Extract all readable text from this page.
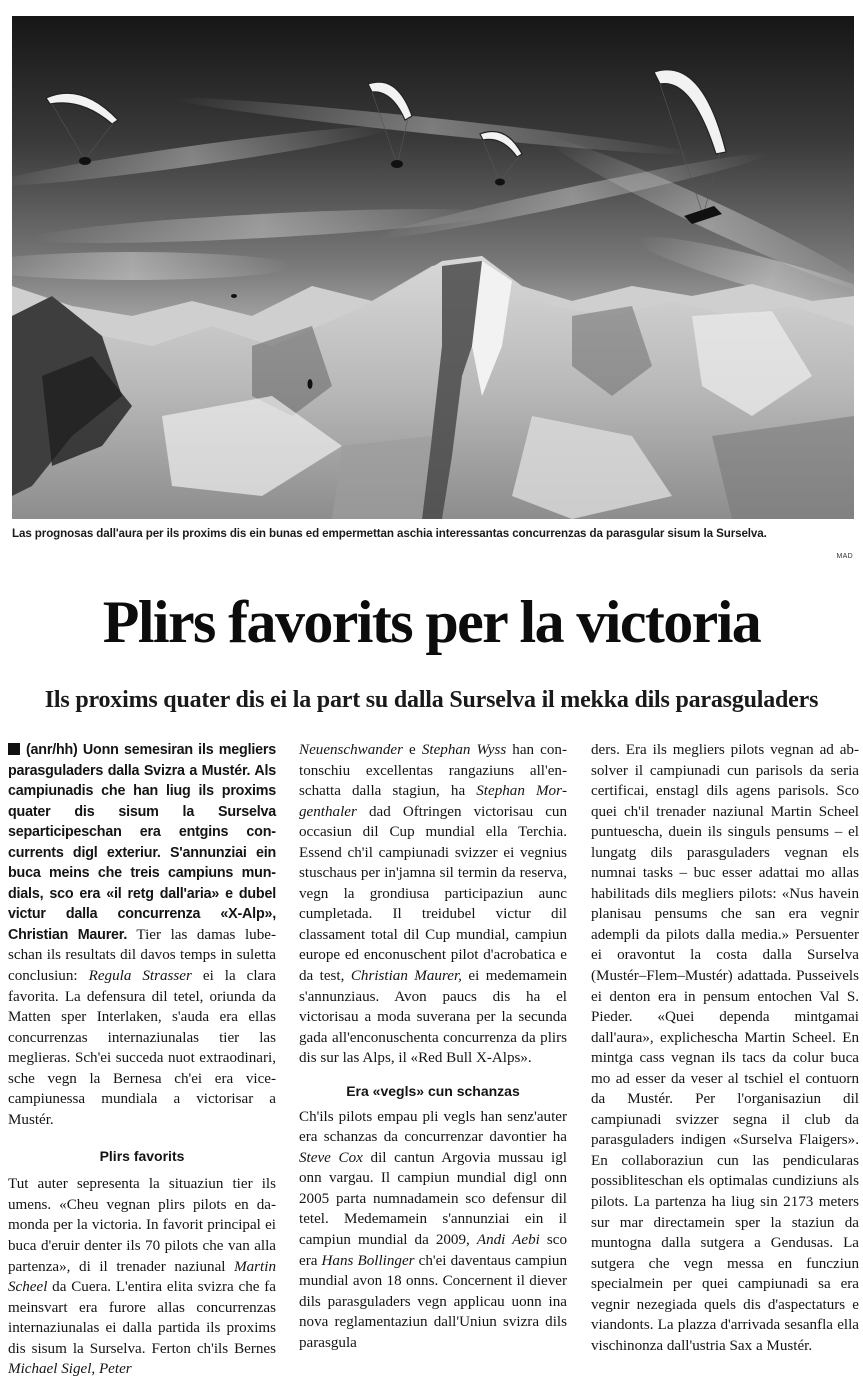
Las prognosas dall'aura per ils proxims dis ein bunas ed empermettan aschia interessantas concurrenzas da parasgular sisum la Surselva.
MAD
Plirs favorits per la victoria
Ils proxims quater dis ei la part su dalla Surselva il mekka dils parasguladers

(anr/hh) Uonn semesiran ils megliers parasguladers dalla Svizra a Mustér. Als campiunadis che han liug ils proxims quater dis sisum la Surselva separticipeschan era entgins concurrents digl exteriur. S'annunziai ein buca meins che treis campiuns mundials, sco era «il retg dall'aria» e dubel victur dalla concurrenza «X-Alp», Christian Maurer. Tier las damas lubeschan ils resultats dil davos temps in suletta conclusiun: Regula Strasser ei la clara favorita. La defensura dil tetel, oriunda da Matten sper Interlaken, s'auda era ellas concurrenzas internaziunalas tier las meglieras. Sch'ei succeda nuot extraodinari, sche vegn la Bernesa ch'ei era vicecampiunessa mundiala a victorisar a Mustér.

Plirs favorits

Tut auter sepresenta la situaziun tier ils umens. «Cheu vegnan plirs pilots en damonda per la victoria. In favorit principal ei buca d'eruir denter ils 70 pilots che van alla partenza», di il trenader naziunal Martin Scheel da Cuera. L'entira elita svizra che fa meinsvart era furore allas concurrenzas internaziunalas ei dalla partida ils proxims dis sisum la Surselva. Ferton ch'ils Bernes Michael Sigel, Peter

Neuenschwander e Stephan Wyss han contonschiu excellentas rangaziuns all'enschatta dalla stagiun, ha Stephan Morgenthaler dad Oftringen victorisau cun occasiun dil Cup mundial ella Terchia. Essend ch'il campiunadi svizzer ei vegnius stuschaus per in'jamna sil termin da reserva, vegn la grondiusa participaziun aunc cumpletada. Il treidubel victur dil classament total dil Cup mundial, campiun europe ed enconuschent pilot d'acrobatica e da test, Christian Maurer, ei medemamein s'annunziaus. Avon paucs dis ha el victorisau a moda suverana per la secunda gada all'enconuschenta concurrenza da plirs dis sur las Alps, il «Red Bull X-Alps».

Era «vegls» cun schanzas

Ch'ils pilots empau pli vegls han senz'auter era schanzas da concurrenzar davontier ha Steve Cox dil cantun Argovia mussau igl onn vargau. Il campiun mundial digl onn 2005 parta numnadamein sco defensur dil tetel. Medemamein s'annunziai ein il campiun mundial da 2009, Andi Aebi sco era Hans Bollinger ch'ei daventaus campiun mundial avon 18 onns. Concernent il diever dils parasguladers vegn applicau uonn ina nova reglamentaziun dall'Uniun svizra dils parasgula

ders. Era ils megliers pilots vegnan ad absolver il campiunadi cun parisols da seria certificai, enstagl dils agens parisols. Sco quei ch'il trenader naziunal Martin Scheel puntueschа, duein ils singuls pensums – el lungatg dils parasguladers vegnan els numnai tasks – buc esser adattai mo allas habilitads dils megliers pilots: «Nus havein planisau pensums che san era vegnir adempli da pilots dalla media.» Persuenter ei oravontut la costa dalla Surselva (Mustér–Flem–Mustér) adattada. Pusseivels ei denton era in pensum entochen Val S. Pieder. «Quei dependa mintgamai dall'aura», explichescha Martin Scheel. En mintga cass vegnan ils tacs da colur buca mo ad esser da veser al tschiel el contuorn da Mustér. Per l'organisaziun dil campiunadi svizzer segna il club da parasguladers indigen «Surselva Flaigers». En collaboraziun cun las pendicularas possibliteschan els optimalas cundiziuns als pilots. La partenza ha liug sin 2173 meters sur mar directamein sper la staziun da muntogna dalla sutgera a Gendusas. La sutgera che vegn messa en funcziun specialmein per quei campiunadi sa era vegnir nezegiada quels dis d'aspectaturs e viandonts. La plazza d'arrivada sesanfla ella vischinonza dall'ustria Sax a Mustér.
